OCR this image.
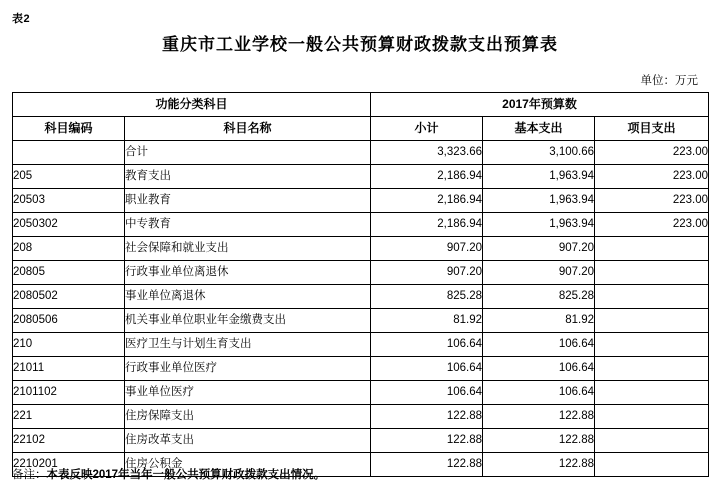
表2
重庆市工业学校一般公共预算财政拨款支出预算表
单位：万元
功能分类科目		2017年预算数		
科目编码	科目名称	小计	基本支出	项目支出
	合计	3,323.66	3,100.66	223.00
205	教育支出	2,186.94	1,963.94	223.00
20503	职业教育	2,186.94	1,963.94	223.00
2050302	中专教育	2,186.94	1,963.94	223.00
208	社会保障和就业支出	907.20	907.20	
20805	行政事业单位离退休	907.20	907.20	
2080502	事业单位离退休	825.28	825.28	
2080506	机关事业单位职业年金缴费支出	81.92	81.92	
210	医疗卫生与计划生育支出	106.64	106.64	
21011	行政事业单位医疗	106.64	106.64	
2101102	事业单位医疗	106.64	106.64	
221	住房保障支出	122.88	122.88	
22102	住房改革支出	122.88	122.88	
2210201	住房公积金	122.88	122.88	
备注：本表反映2017年当年一般公共预算财政拨款支出情况。
